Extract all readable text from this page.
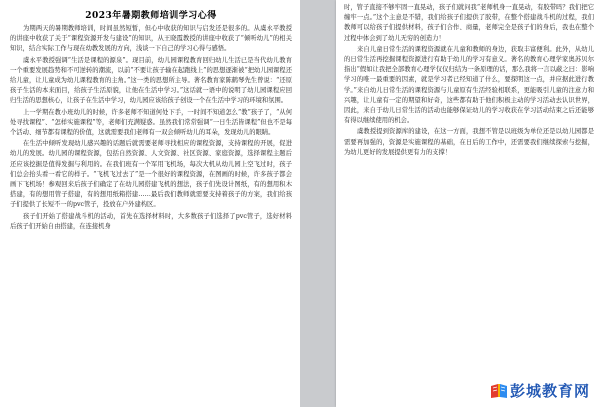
2023年暑期教师培训学习心得

为期两天的暑期教师培训，时间虽然短暂，但心中收获的知识与启发还是很多的。从虞永平教授的讲座中收获了关于“课程资源开发与建设”的知识，从王晓霞教授的讲座中收获了“倾听幼儿”的相关知识，结合实际工作与现在幼教发展的方向，浅谈一下自己的学习心得与感悟。

虞永平教授强调“生活是课程的源泉”。现目前，幼儿园课程教育回归幼儿生活已是当代幼儿教育一个重要发展趋势和不可逆转的潮流，以前“不要让孩子输在起跑线上”的思想逐渐被“把幼儿园课程还给儿童，让儿童成为幼儿课程教育的主角。”这一类的思想所主导。著名教育家陈鹤琴先生曾说：“还原孩子生活的本来面目，给孩子生活原貌，让他在生活中学习。”这话就一语中的说明了幼儿园课程应回归生活的思想核心，让孩子在生活中学习，幼儿园应该给孩子创设一个在生活中学习的环境和氛围。

上一学期在教小班幼儿的时候，许多老师不知道何处下手，一时间不知道怎么“教”孩子了，“从何处寻找课程”、“怎样实施课程”等，老师们充满疑惑。虽然我们常常强调“一日生活皆课程”但也不是每个活动、细节都有课程的价值，这就需要我们老师有一双会倾听幼儿的耳朵，发现幼儿的眼睛。

在生活中倾听发现幼儿感兴趣的话题后就需要老师寻找相应的课程资源，支持课程的开展，促进幼儿的发展。幼儿园的课程资源，包括自然资源、人文资源、社区资源、家庭资源，选择课程主题后还应该挖掘是值得发掘与利用的。在我们班有一个军用飞机场，每次大机从幼儿园上空飞过时，孩子们总会抬头看一看它的样子。“飞机飞过去了”是一个很好的课程资源，在图画的时候，许多孩子都会画下飞机场！参观回来后孩子们确定了在幼儿园搭建飞机的想法，孩子们先设计图纸，有的想用积木搭建，有的想用管子搭建，有的想用纸箱搭建……最后我们教师就需要支持着孩子的方案，我们给孩子们提供了长短不一的pvc管子，投放在户外建构区。

孩子们开始了搭建战斗机的活动，首先在选择材料时，大多数孩子们选择了pvc管子，选好材料后孩子们开始自由搭建，在连接机身

时，管子直接不够牢固一直晃动，孩子们就问我“老师机身一直晃动，有胶带吗？我们把它缠牢一点。”这个主意是不错，我们给孩子们提供了胶带，在整个搭建战斗机的过程，我们教师可以给孩子们提供材料，孩子们合作、商量，老师完全是孩子们的身后，我也在整个过程中体会到了幼儿无穷的创造力！

来自儿童日常生活的课程资源就在儿童和教师的身边，获取丰富便利。此外，从幼儿的日常生活再挖掘课程资源进行有助于幼儿的学习有意义。著名的教育心理学家奥苏贝尔指出“假如让我把全部教育心理学仅仅归结为一条原理的话，那么我将一言以蔽之曰：影响学习的唯一最重要的因素，就是学习者已经知道了什么，要探明这一点，并应据此进行教学。”来自幼儿日常生活的课程资源与儿童原有生活经验相联系，更能吸引儿童的注意力和兴趣，让儿童有一定的期望和好奇，这些都有助于他们积极主动的学习活动去认识世界，因此，来自于幼儿日常生活的活动也能够保证幼儿的学习收获在学习活动结束之后还能够有得以继续使用的机会。

虞教授提到资源库的建设，在这一方面，我想不管是以班级为单位还是以幼儿园都是需要再加强的，资源是实施课程的基础，在日后的工作中，还需要我们继续探索与挖掘，为幼儿更好的发展提供更有力的支撑！

彭城教育网
